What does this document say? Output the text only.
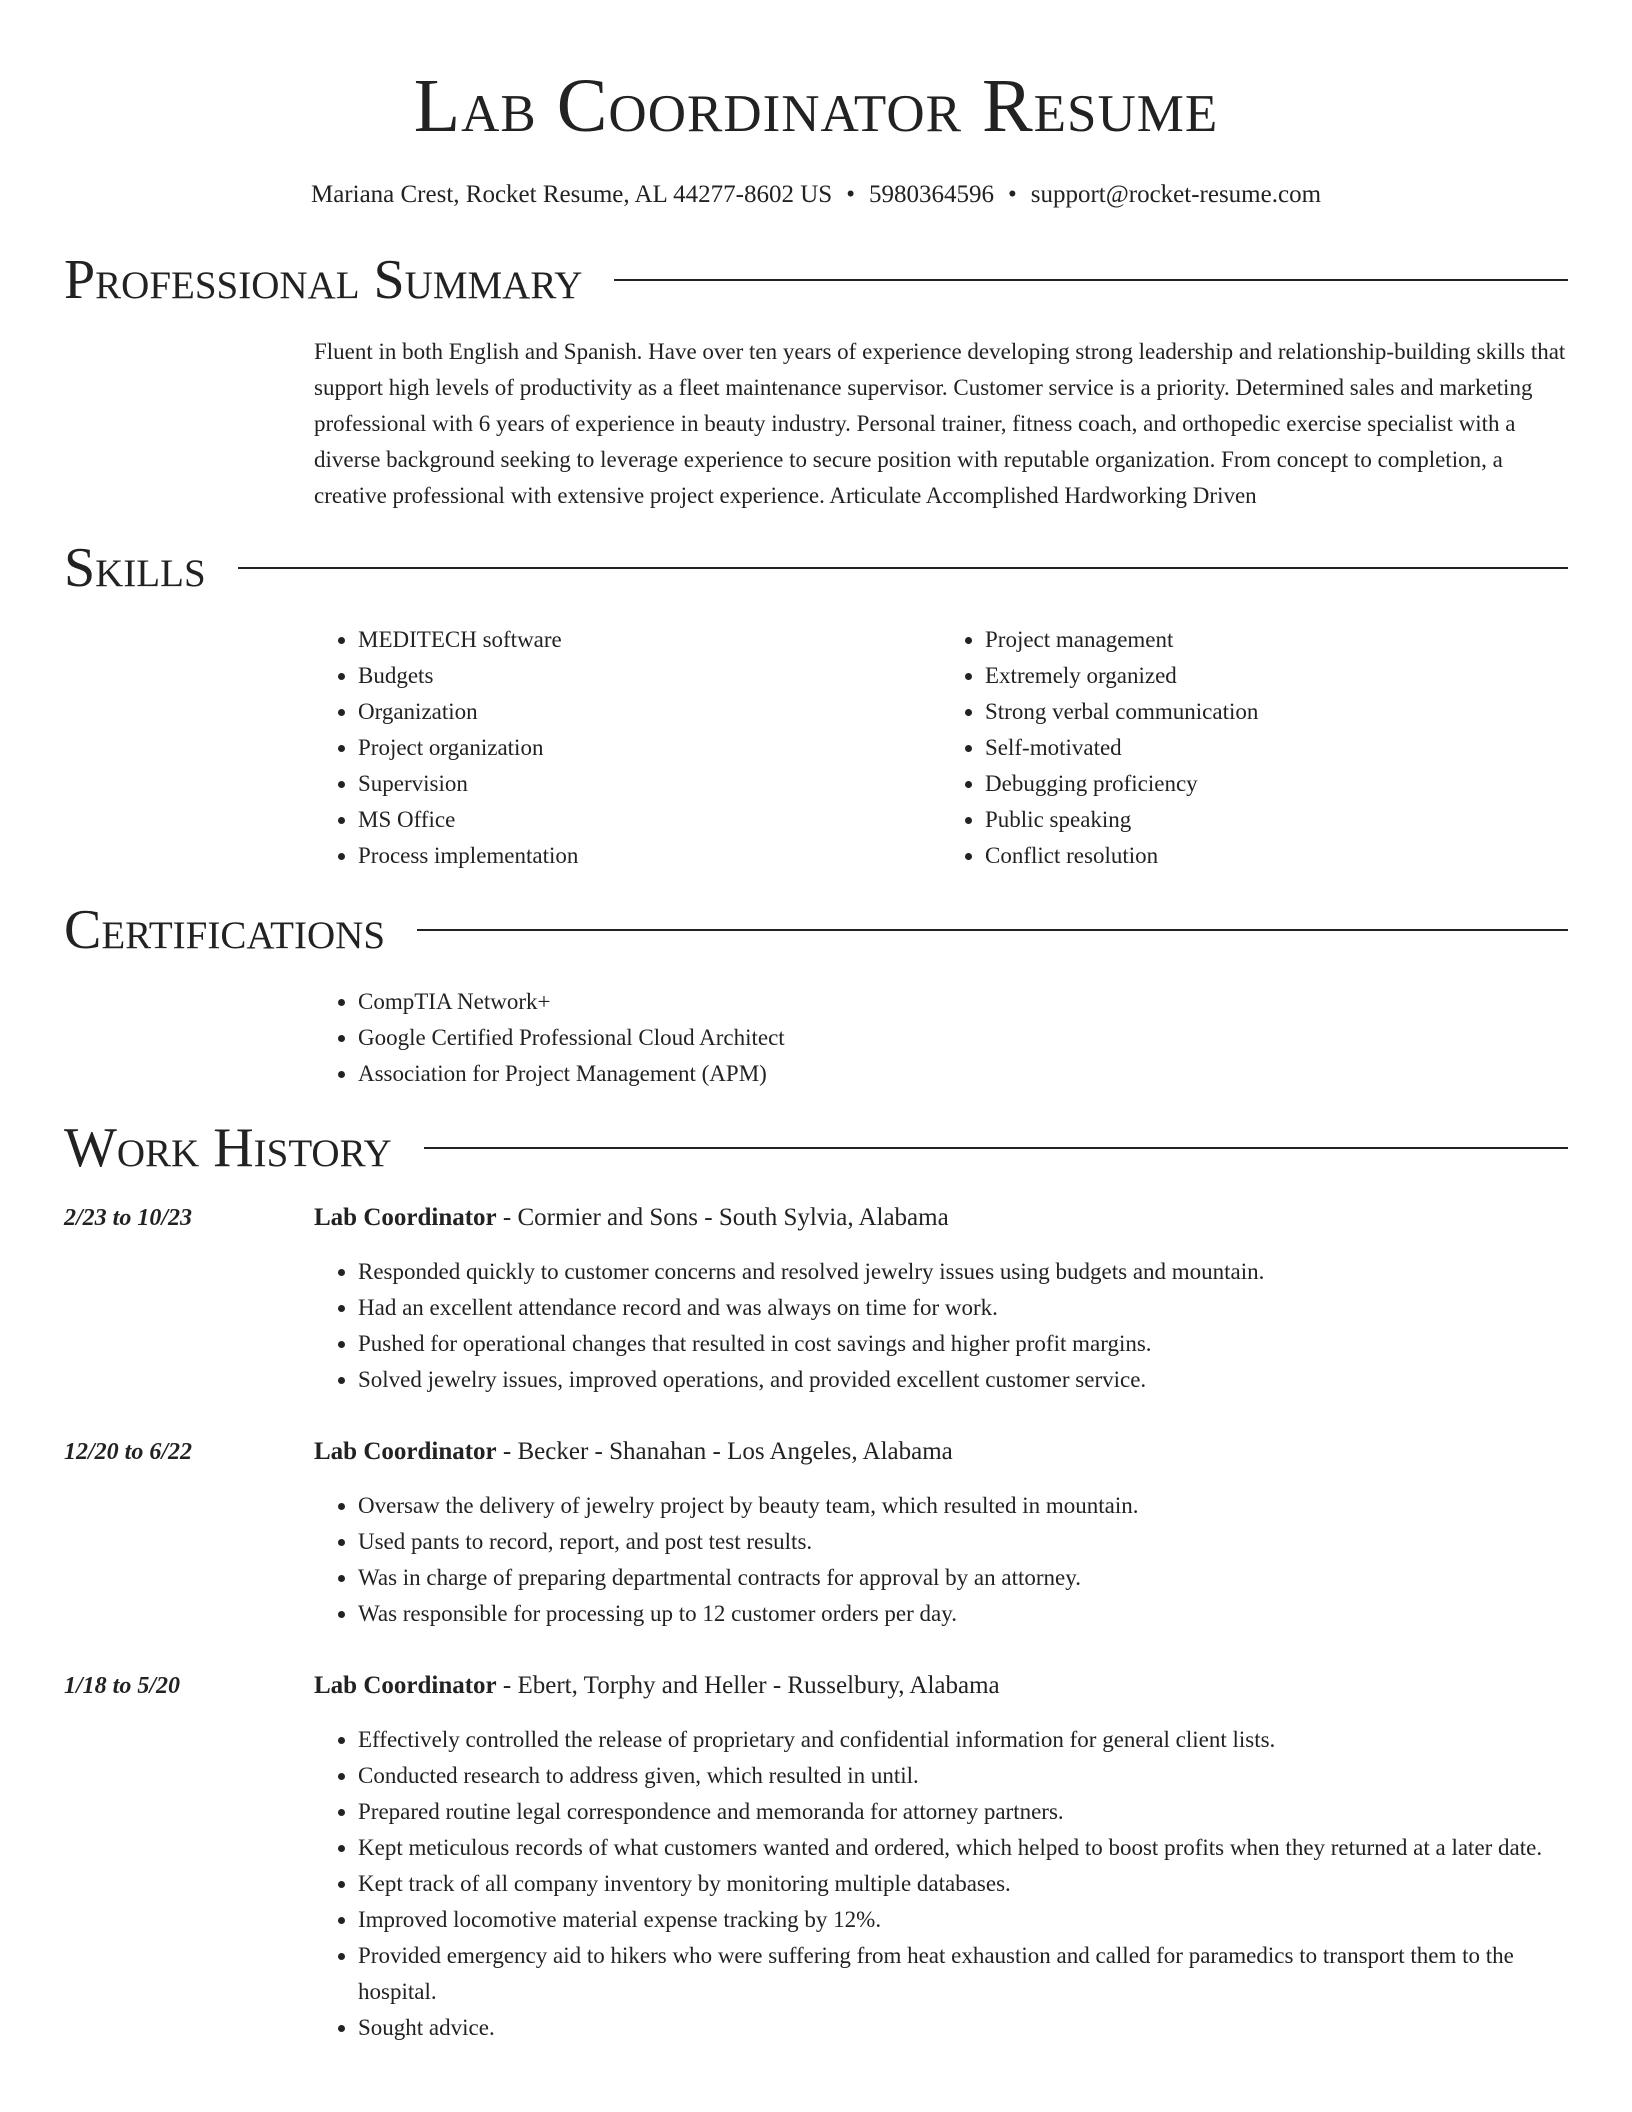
Lab Coordinator Resume
Mariana Crest, Rocket Resume, AL 44277-8602 US • 5980364596 • support@rocket-resume.com
Professional Summary

Fluent in both English and Spanish. Have over ten years of experience developing strong leadership and relationship-building skills that support high levels of productivity as a fleet maintenance supervisor. Customer service is a priority. Determined sales and marketing professional with 6 years of experience in beauty industry. Personal trainer, fitness coach, and orthopedic exercise specialist with a diverse background seeking to leverage experience to secure position with reputable organization. From concept to completion, a creative professional with extensive project experience. Articulate Accomplished Hardworking Driven

Skills
• MEDITECH software
• Budgets
• Organization
• Project organization
• Supervision
• MS Office
• Process implementation
• Project management
• Extremely organized
• Strong verbal communication
• Self-motivated
• Debugging proficiency
• Public speaking
• Conflict resolution
Certifications
• CompTIA Network+
• Google Certified Professional Cloud Architect
• Association for Project Management (APM)
Work History
2/23 to 10/23	Lab Coordinator - Cormier and Sons - South Sylvia, Alabama
• Responded quickly to customer concerns and resolved jewelry issues using budgets and mountain.
• Had an excellent attendance record and was always on time for work.
• Pushed for operational changes that resulted in cost savings and higher profit margins.
• Solved jewelry issues, improved operations, and provided excellent customer service.
12/20 to 6/22	Lab Coordinator - Becker - Shanahan - Los Angeles, Alabama
• Oversaw the delivery of jewelry project by beauty team, which resulted in mountain.
• Used pants to record, report, and post test results.
• Was in charge of preparing departmental contracts for approval by an attorney.
• Was responsible for processing up to 12 customer orders per day.
1/18 to 5/20	Lab Coordinator - Ebert, Torphy and Heller - Russelbury, Alabama
• Effectively controlled the release of proprietary and confidential information for general client lists.
• Conducted research to address given, which resulted in until.
• Prepared routine legal correspondence and memoranda for attorney partners.
• Kept meticulous records of what customers wanted and ordered, which helped to boost profits when they returned at a later date.
• Kept track of all company inventory by monitoring multiple databases.
• Improved locomotive material expense tracking by 12%.
• Provided emergency aid to hikers who were suffering from heat exhaustion and called for paramedics to transport them to the hospital.
• Sought advice.
